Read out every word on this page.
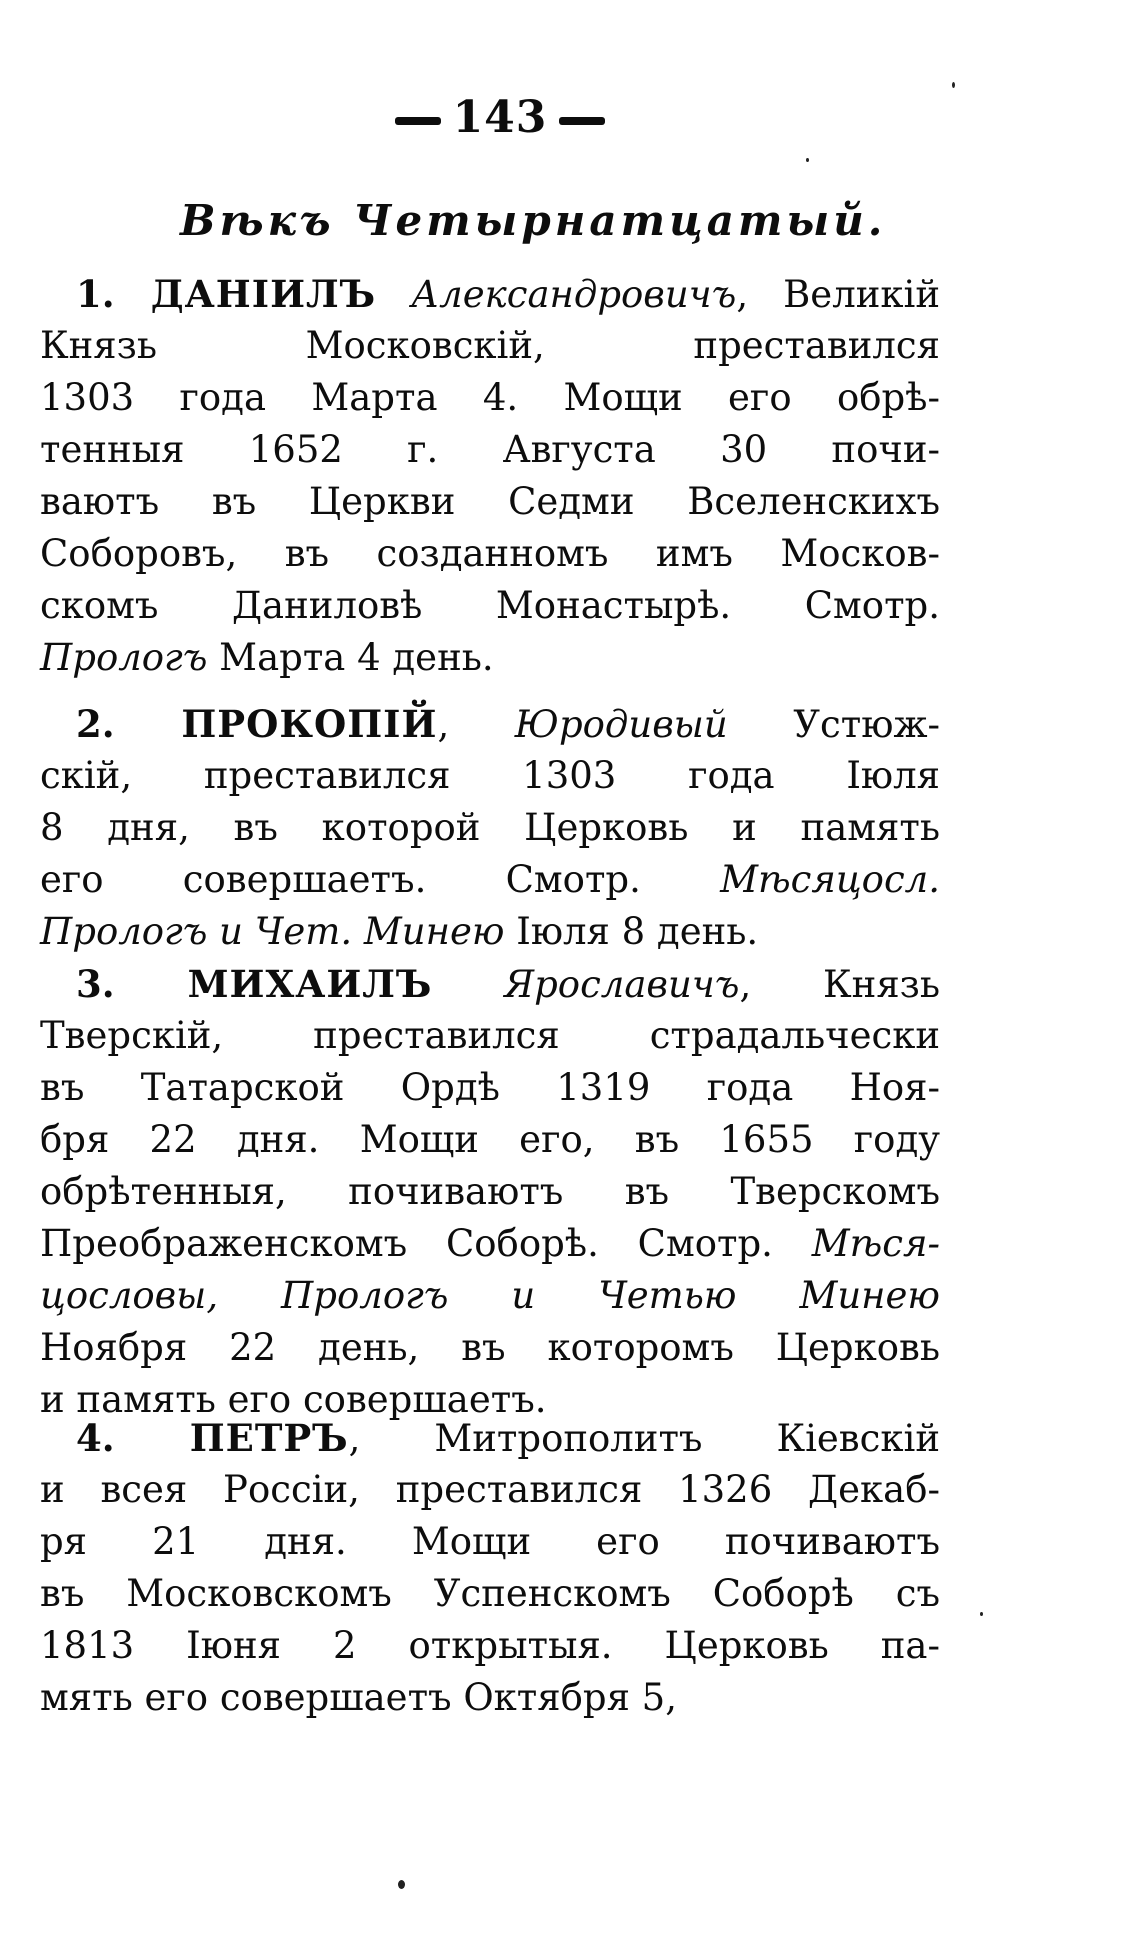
143
Вѣкъ Четырнатцатый.
1. ДАНIИЛЪ Александровичъ, Великiй
Князь Московскiй, преставился
1303 года Марта 4. Мощи его обрѣ-
тенныя 1652 г. Августа 30 почи-
ваютъ въ Церкви Седми Вселенскихъ
Соборовъ, въ созданномъ имъ Москов-
скомъ Даниловѣ Монастырѣ. Смотр.
Прологъ Марта 4 день.
2. ПРОКОПIЙ, Юродивый Устюж-
скiй, преставился 1303 года Iюля
8 дня, въ которой Церковь и память
его совершаетъ. Смотр. Мѣсяцосл.
Прологъ и Чет. Минею Iюля 8 день.
3. МИХАИЛЪ Ярославичъ, Князь
Тверскiй, преставился страдальчески
въ Татарской Ордѣ 1319 года Ноя-
бря 22 дня. Мощи его, въ 1655 году
обрѣтенныя, почиваютъ въ Тверскомъ
Преображенскомъ Соборѣ. Смотр. Мѣся-
цословы, Прологъ и Четью Минею
Ноября 22 день, въ которомъ Церковь
и память его совершаетъ.
4. ПЕТРЪ, Митрополитъ Кiевскiй
и всея Россiи, преставился 1326 Декаб-
ря 21 дня. Мощи его почиваютъ
въ Московскомъ Успенскомъ Соборѣ съ
1813 Iюня 2 открытыя. Церковь па-
мять его совершаетъ Октября 5,
